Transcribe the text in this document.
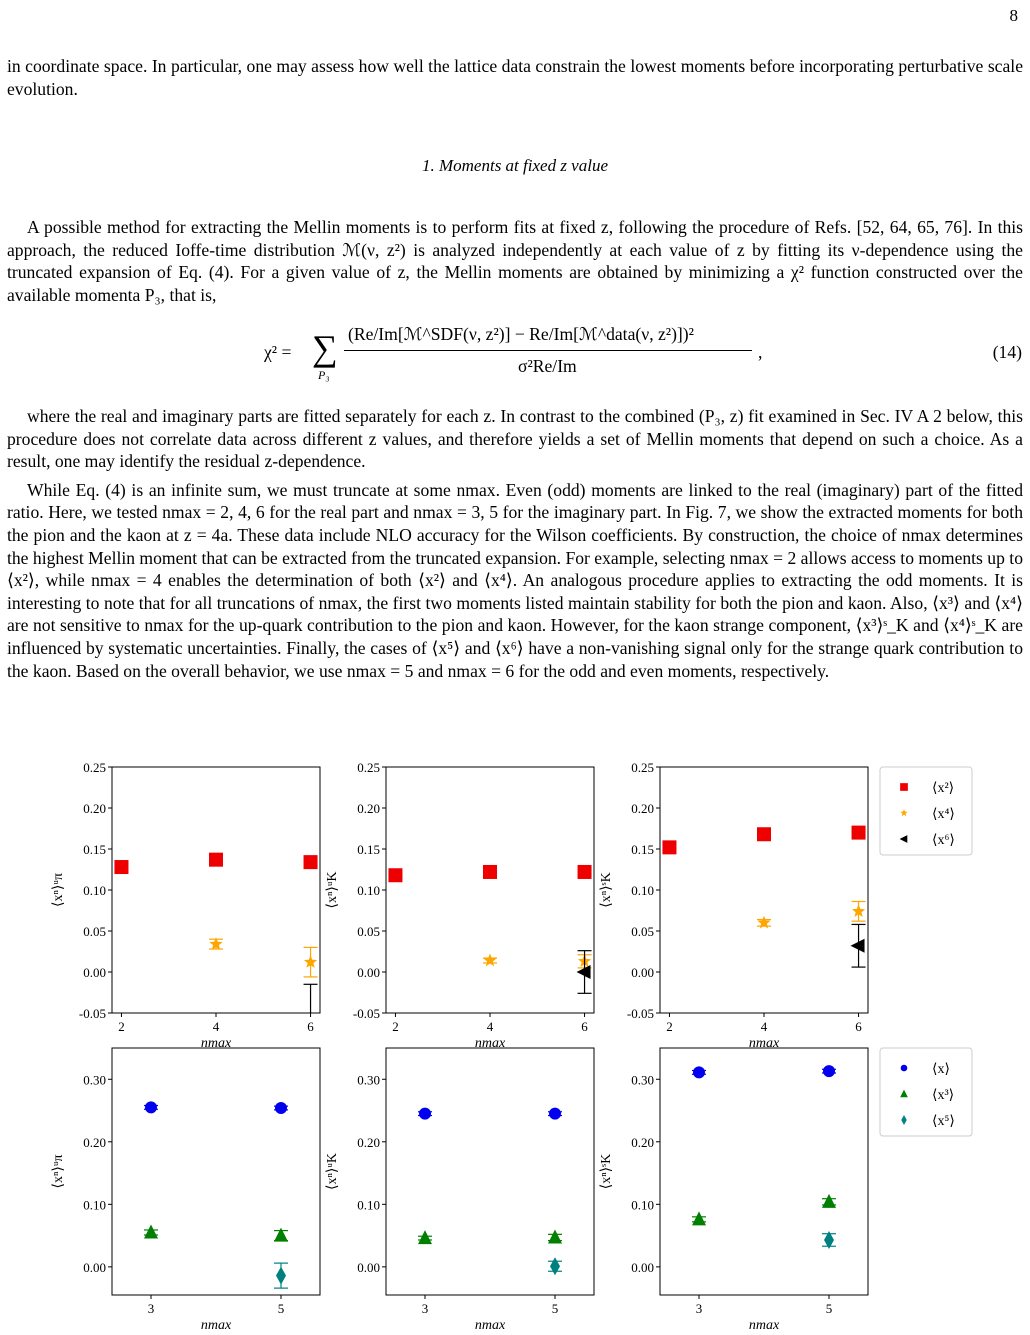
8
in coordinate space. In particular, one may assess how well the lattice data constrain the lowest moments before incorporating perturbative scale evolution.
1. Moments at fixed z value

A possible method for extracting the Mellin moments is to perform fits at fixed z, following the procedure of Refs. [52, 64, 65, 76]. In this approach, the reduced Ioffe-time distribution ℳ(ν, z²) is analyzed independently at each value of z by fitting its ν-dependence using the truncated expansion of Eq. (4). For a given value of z, the Mellin moments are obtained by minimizing a χ² function constructed over the available momenta P₃, that is,

χ² = ∑
P₃
(Re/Im[ℳ^SDF(ν, z²)] − Re/Im[ℳ^data(ν, z²)])²
σ²Re/Im
,	(14)

where the real and imaginary parts are fitted separately for each z. In contrast to the combined (P₃, z) fit examined in Sec. IV A 2 below, this procedure does not correlate data across different z values, and therefore yields a set of Mellin moments that depend on such a choice. As a result, one may identify the residual z-dependence.

While Eq. (4) is an infinite sum, we must truncate at some nmax. Even (odd) moments are linked to the real (imaginary) part of the fitted ratio. Here, we tested nmax = 2, 4, 6 for the real part and nmax = 3, 5 for the imaginary part. In Fig. 7, we show the extracted moments for both the pion and the kaon at z = 4a. These data include NLO accuracy for the Wilson coefficients. By construction, the choice of nmax determines the highest Mellin moment that can be extracted from the truncated expansion. For example, selecting nmax = 2 allows access to moments up to ⟨x²⟩, while nmax = 4 enables the determination of both ⟨x²⟩ and ⟨x⁴⟩. An analogous procedure applies to extracting the odd moments. It is interesting to note that for all truncations of nmax, the first two moments listed maintain stability for both the pion and kaon. Also, ⟨x³⟩ and ⟨x⁴⟩ are not sensitive to nmax for the up-quark contribution to the pion and kaon. However, for the kaon strange component, ⟨x³⟩ˢ_K and ⟨x⁴⟩ˢ_K are influenced by systematic uncertainties. Finally, the cases of ⟨x⁵⟩ and ⟨x⁶⟩ have a non-vanishing signal only for the strange quark contribution to the kaon. Based on the overall behavior, we use nmax = 5 and nmax = 6 for the odd and even moments, respectively.

0.25
0.20
0.15
0.10
0.05
0.00
-0.05
2	4	6
nmax
⟨xⁿ⟩ᵘπ
0.25
0.20
0.15
0.10
0.05
0.00
-0.05
2	4	6
nmax
⟨xⁿ⟩ᵘK
0.25
0.20
0.15
0.10
0.05
0.00
-0.05
2	4	6
nmax
⟨xⁿ⟩ˢK
0.30
0.20
0.10
0.00
3	5
nmax
⟨xⁿ⟩ᵘπ
0.30
0.20
0.10
0.00
3	5
nmax
⟨xⁿ⟩ᵘK
0.30
0.20
0.10
0.00
3	5
nmax
⟨xⁿ⟩ˢK
⟨x²⟩
⟨x⁴⟩
⟨x⁶⟩
⟨x⟩
⟨x³⟩
⟨x⁵⟩
